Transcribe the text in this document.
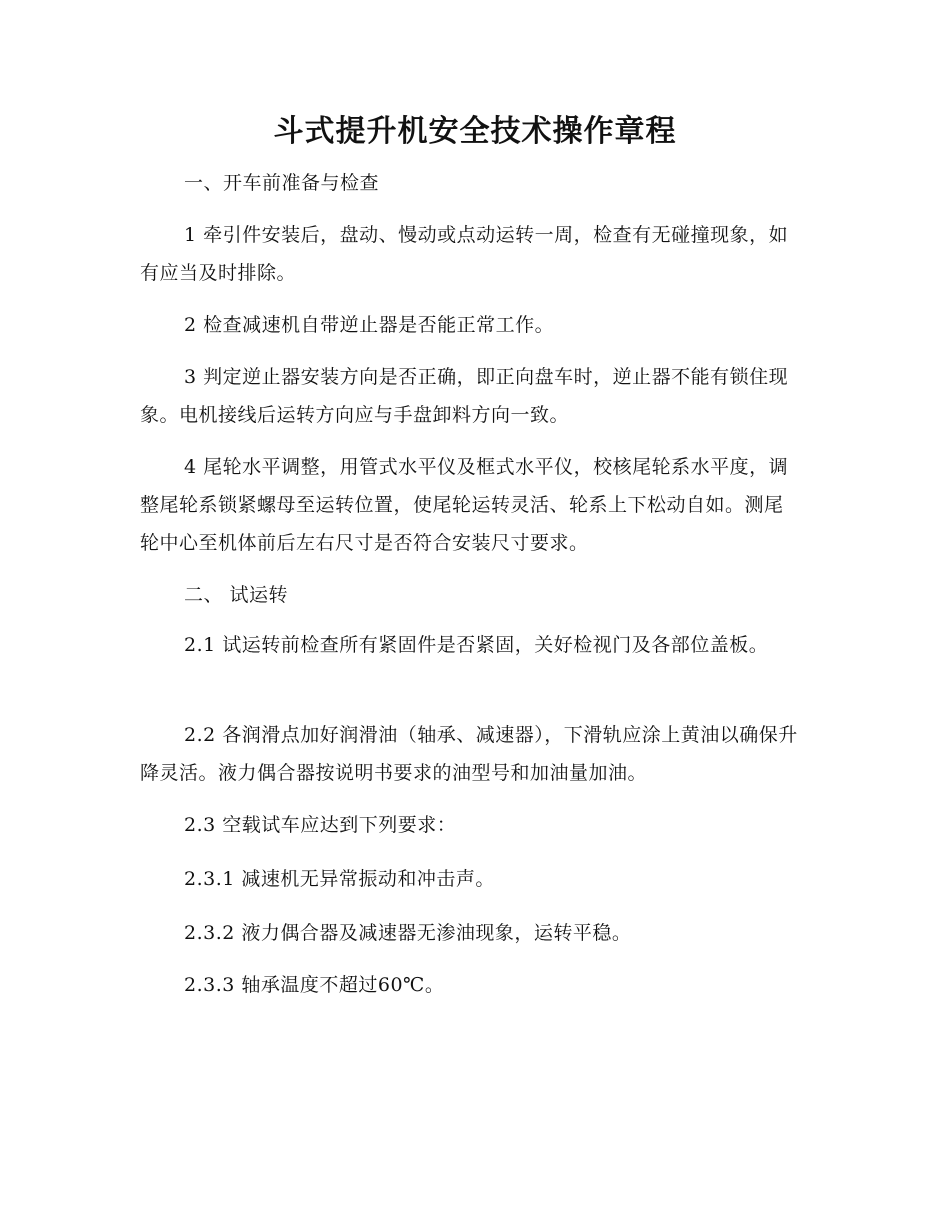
斗式提升机安全技术操作章程

一、开车前准备与检查

1 牵引件安装后，盘动、慢动或点动运转一周，检查有无碰撞现象，如有应当及时排除。

2 检查减速机自带逆止器是否能正常工作。

3 判定逆止器安装方向是否正确，即正向盘车时，逆止器不能有锁住现象。电机接线后运转方向应与手盘卸料方向一致。

4 尾轮水平调整，用管式水平仪及框式水平仪，校核尾轮系水平度，调整尾轮系锁紧螺母至运转位置，使尾轮运转灵活、轮系上下松动自如。测尾轮中心至机体前后左右尺寸是否符合安装尺寸要求。

二、 试运转

2.1 试运转前检查所有紧固件是否紧固，关好检视门及各部位盖板。

2.2 各润滑点加好润滑油（轴承、减速器），下滑轨应涂上黄油以确保升降灵活。液力偶合器按说明书要求的油型号和加油量加油。

2.3 空载试车应达到下列要求：

2.3.1 减速机无异常振动和冲击声。

2.3.2 液力偶合器及减速器无渗油现象，运转平稳。

2.3.3 轴承温度不超过60℃。
